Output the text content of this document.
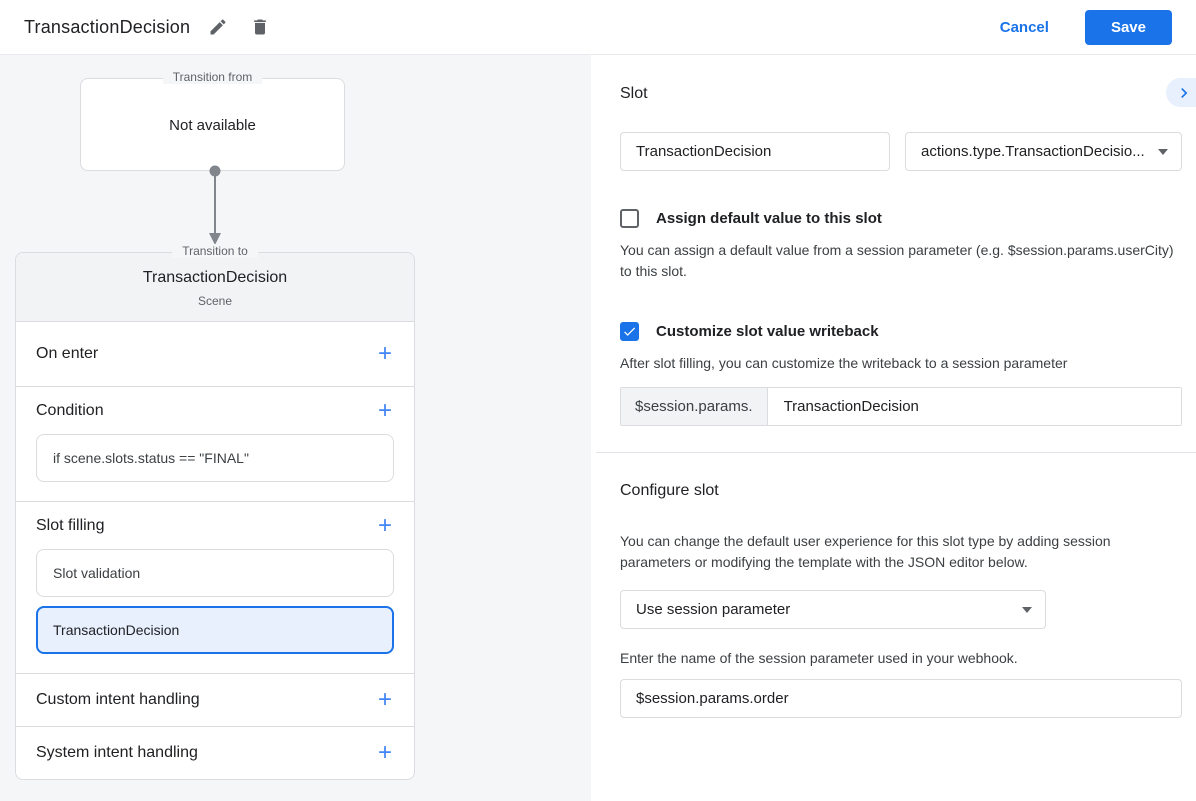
TransactionDecision	Cancel	Save
Transition from
Not available
Transition to
TransactionDecision
Scene
On enter	+
Condition	+
if scene.slots.status == "FINAL"
Slot filling	+
Slot validation
TransactionDecision
Custom intent handling	+
System intent handling	+
Slot
TransactionDecision
actions.type.TransactionDecisio...
Assign default value to this slot

You can assign a default value from a session parameter (e.g. $session.params.userCity) to this slot.

Customize slot value writeback

After slot filling, you can customize the writeback to a session parameter

$session.params.
TransactionDecision
Configure slot

You can change the default user experience for this slot type by adding session parameters or modifying the template with the JSON editor below.

Use session parameter

Enter the name of the session parameter used in your webhook.

$session.params.order
